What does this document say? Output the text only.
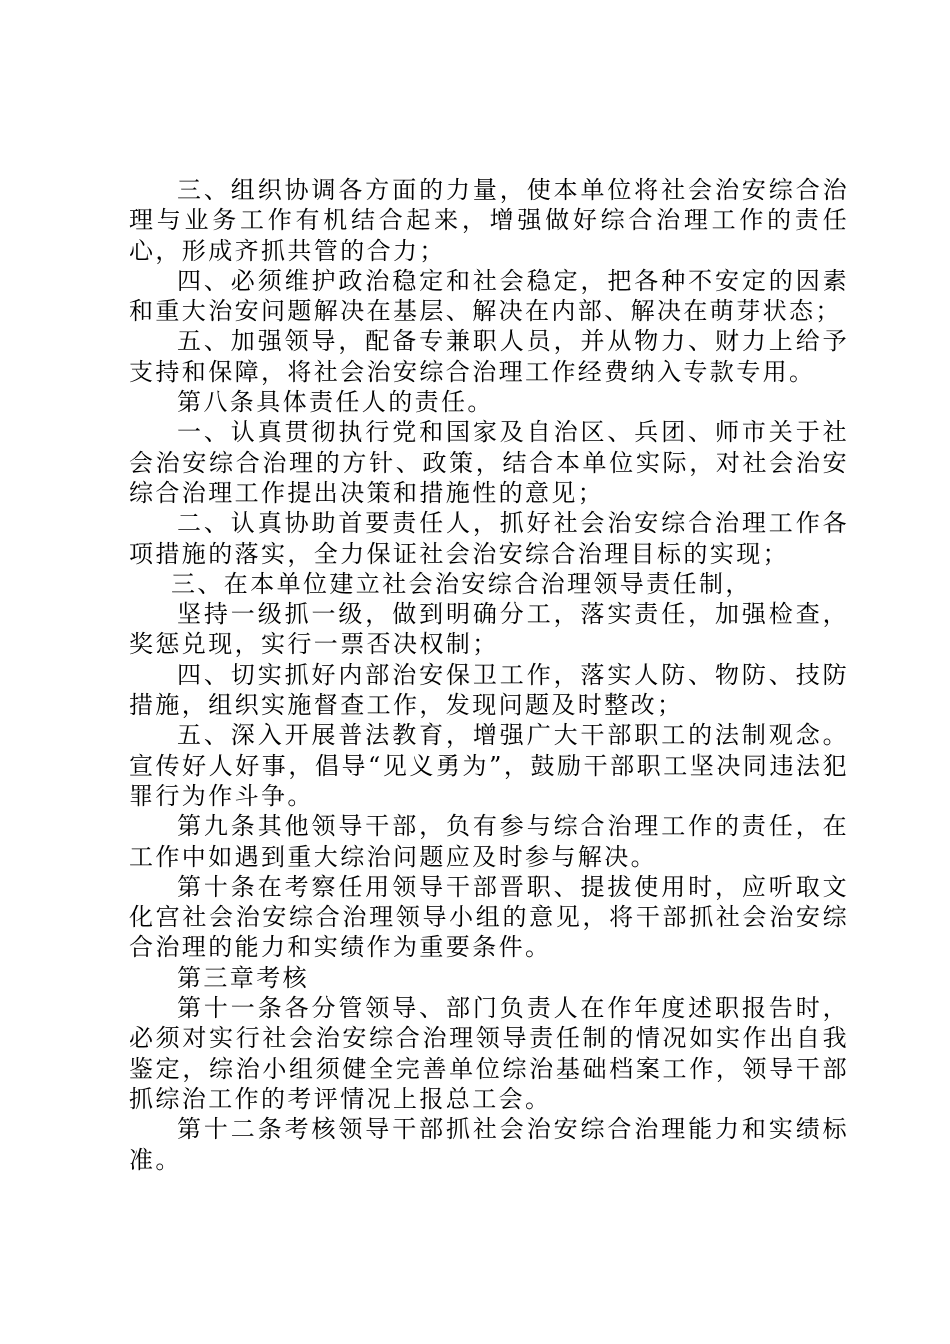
三、组织协调各方面的力量，使本单位将社会治安综合治理与业务工作有机结合起来，增强做好综合治理工作的责任心，形成齐抓共管的合力；

四、必须维护政治稳定和社会稳定，把各种不安定的因素和重大治安问题解决在基层、解决在内部、解决在萌芽状态；

五、加强领导，配备专兼职人员，并从物力、财力上给予支持和保障，将社会治安综合治理工作经费纳入专款专用。

第八条具体责任人的责任。

一、认真贯彻执行党和国家及自治区、兵团、师市关于社会治安综合治理的方针、政策，结合本单位实际，对社会治安综合治理工作提出决策和措施性的意见；

二、认真协助首要责任人，抓好社会治安综合治理工作各项措施的落实，全力保证社会治安综合治理目标的实现；

三、在本单位建立社会治安综合治理领导责任制，

坚持一级抓一级，做到明确分工，落实责任，加强检查，奖惩兑现，实行一票否决权制；

四、切实抓好内部治安保卫工作，落实人防、物防、技防措施，组织实施督查工作，发现问题及时整改；

五、深入开展普法教育，增强广大干部职工的法制观念。宣传好人好事，倡导“见义勇为”，鼓励干部职工坚决同违法犯罪行为作斗争。

第九条其他领导干部，负有参与综合治理工作的责任，在工作中如遇到重大综治问题应及时参与解决。

第十条在考察任用领导干部晋职、提拔使用时，应听取文化宫社会治安综合治理领导小组的意见，将干部抓社会治安综合治理的能力和实绩作为重要条件。

第三章考核

第十一条各分管领导、部门负责人在作年度述职报告时，必须对实行社会治安综合治理领导责任制的情况如实作出自我鉴定，综治小组须健全完善单位综治基础档案工作，领导干部抓综治工作的考评情况上报总工会。

第十二条考核领导干部抓社会治安综合治理能力和实绩标准。
